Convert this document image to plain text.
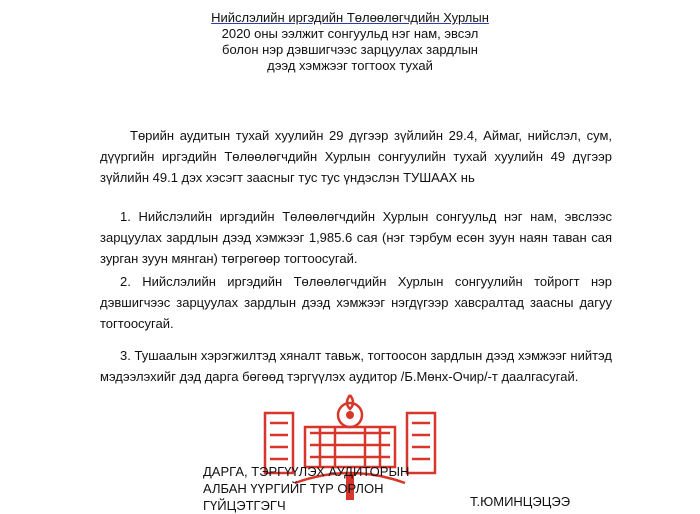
Нийслэлийн иргэдийн Төлөөлөгчдийн Хурлын
2020 оны ээлжит сонгуульд нэг нам, эвсэл
болон нэр дэвшигчээс зарцуулах зардлын
дээд хэмжээг тогтоох тухай
Төрийн аудитын тухай хуулийн 29 дүгээр зүйлийн 29.4, Аймаг, нийслэл, сум, дүүргийн иргэдийн Төлөөлөгчдийн Хурлын сонгуулийн тухай хуулийн 49 дүгээр зүйлийн 49.1 дэх хэсэгт заасныг тус тус үндэслэн ТУШААХ нь
1. Нийслэлийн иргэдийн Төлөөлөгчдийн Хурлын сонгуульд нэг нам, эвслээс зарцуулах зардлын дээд хэмжээг 1,985.6 сая (нэг тэрбум есөн зуун наян таван сая зурган зуун мянган) төгрөгөөр тогтоосугай.
2. Нийслэлийн иргэдийн Төлөөлөгчдийн Хурлын сонгуулийн тойрогт нэр дэвшигчээс зарцуулах зардлын дээд хэмжээг нэгдүгээр хавсралтад заасны дагуу тогтоосугай.
3. Тушаалын хэрэгжилтэд хяналт тавьж, тогтоосон зардлын дээд хэмжээг нийтэд мэдээлэхийг дэд дарга бөгөөд тэргүүлэх аудитор /Б.Мөнх-Очир/-т даалгасугай.
ДАРГА, ТЭРГҮҮЛЭХ АУДИТОРЫН
АЛБАН ҮҮРГИЙГ ТҮР ОРЛОН
ГҮЙЦЭТГЭГЧ	Т.ЮМИНЦЭЦЭЭ
